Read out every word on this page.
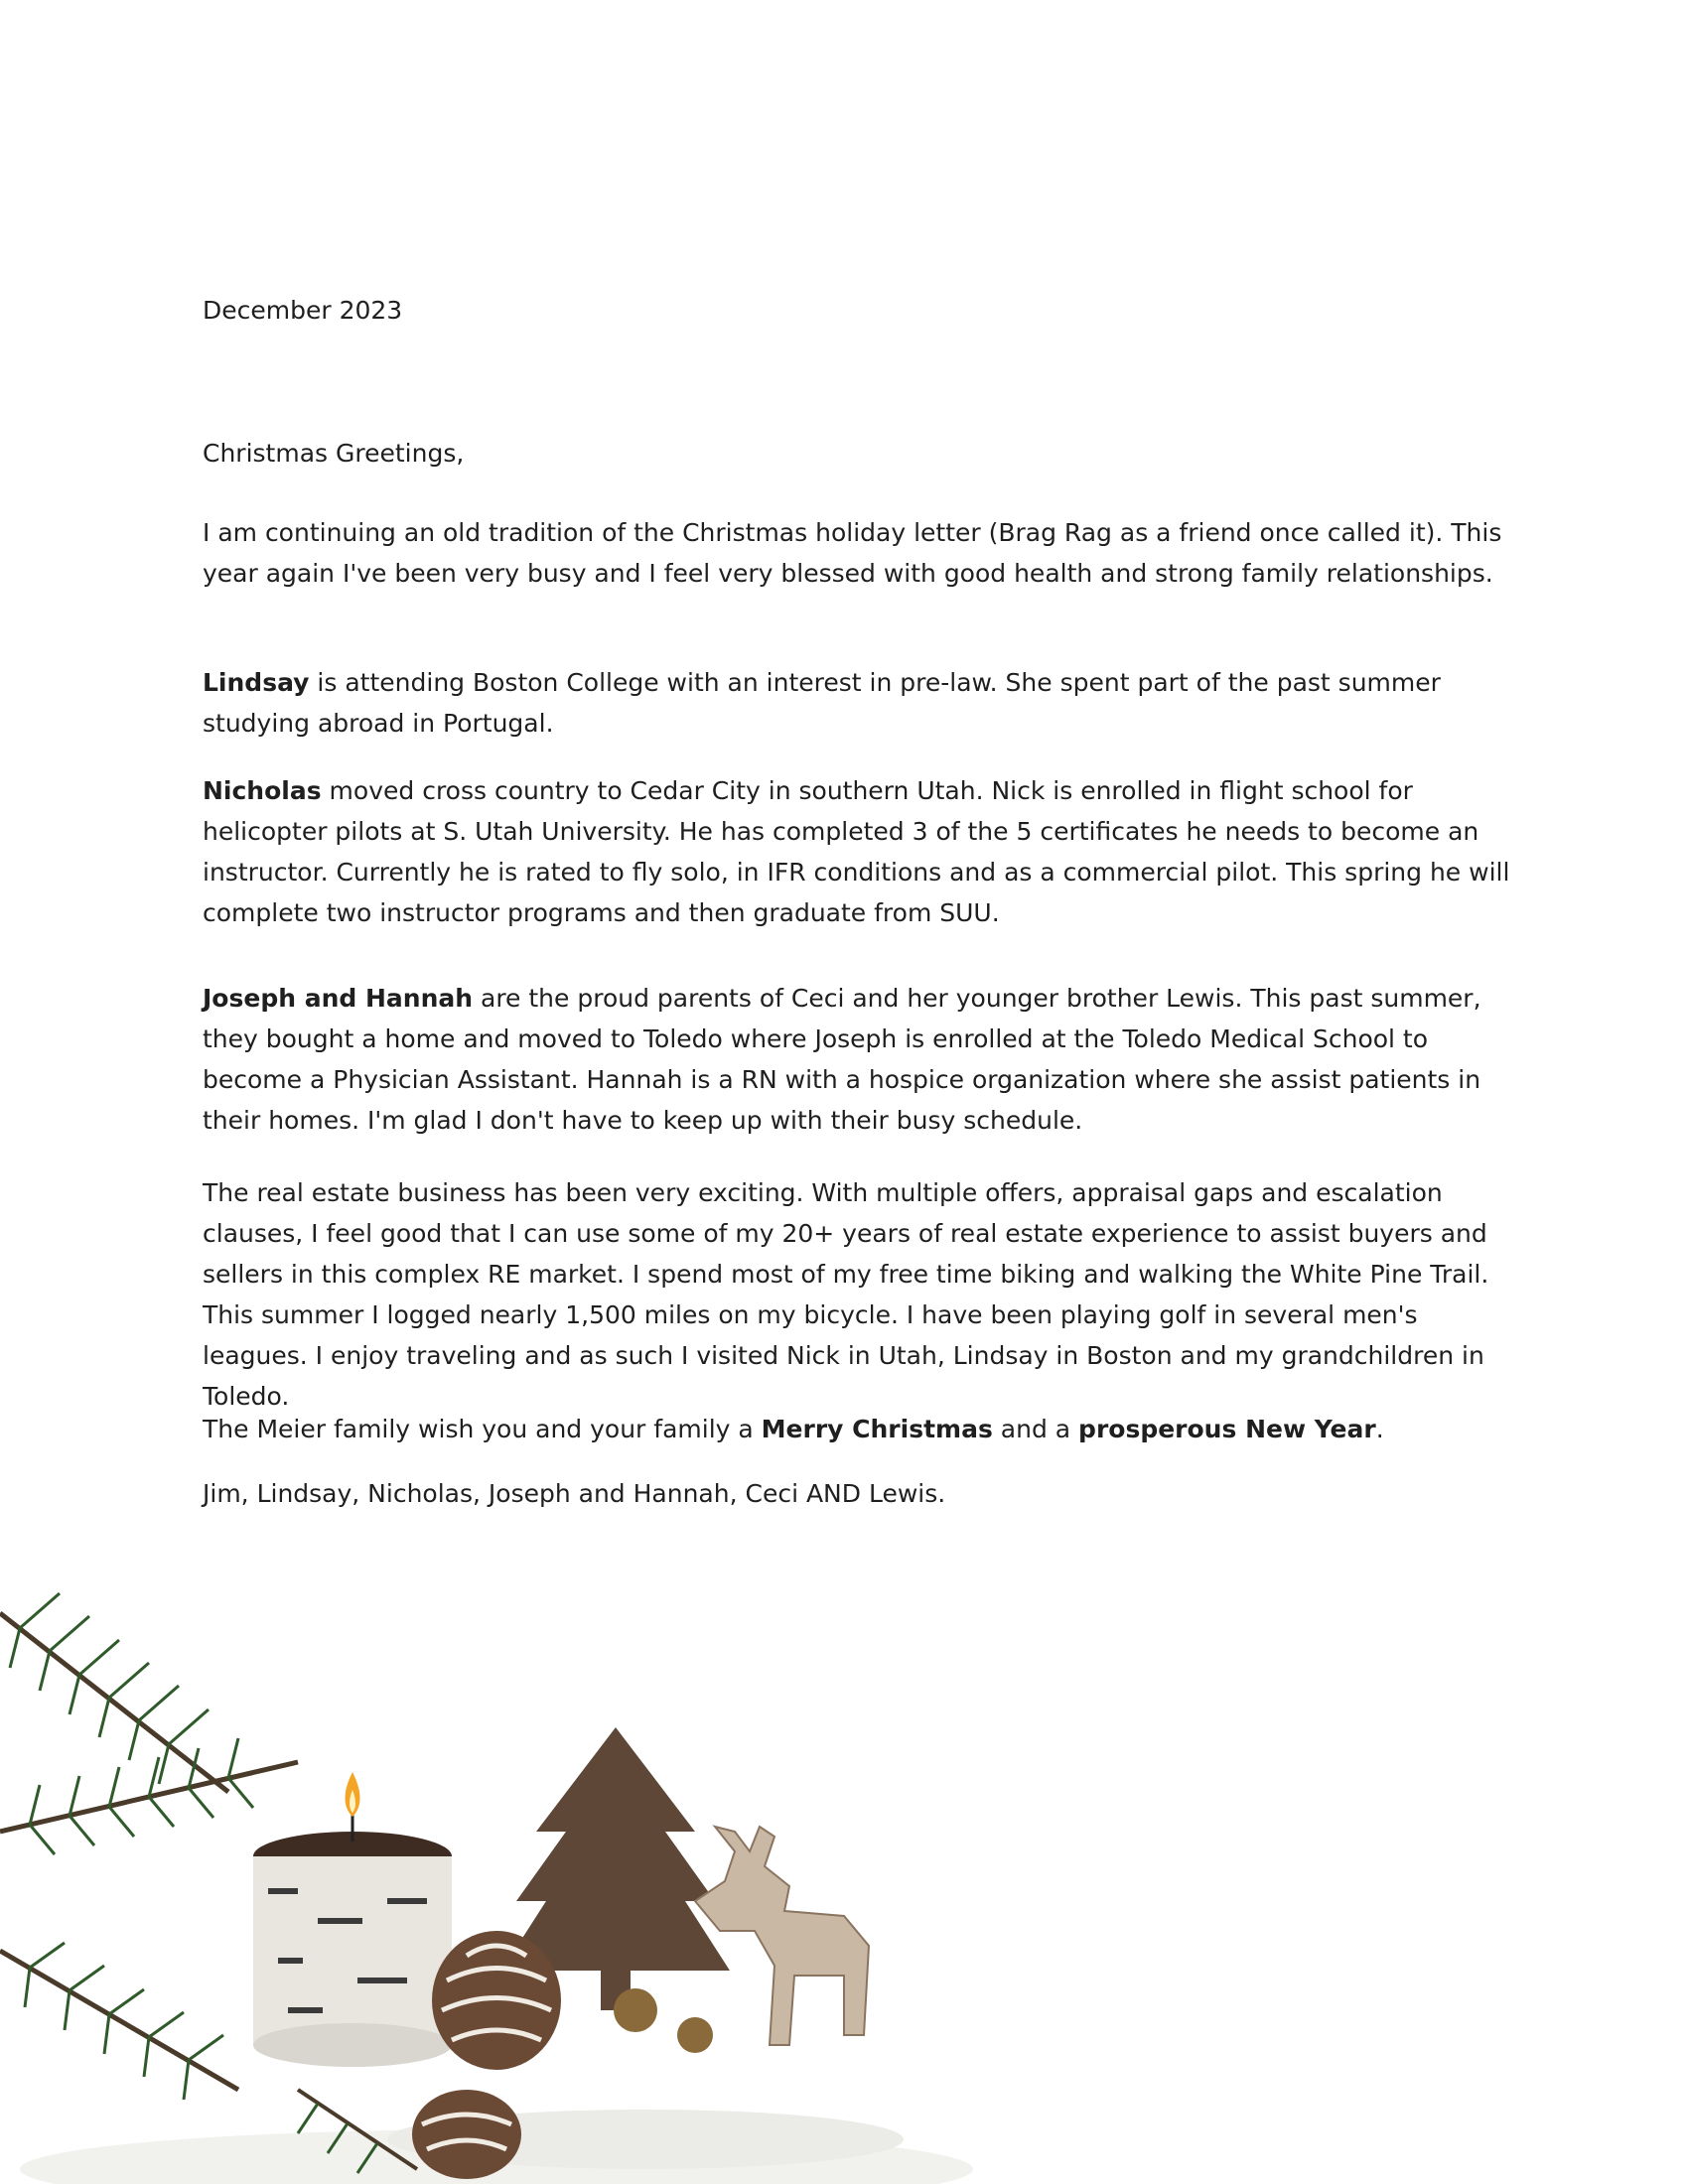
December 2023
Christmas Greetings,

I am continuing an old tradition of the Christmas holiday letter (Brag Rag as a friend once called it). This year again I've been very busy and I feel very blessed with good health and strong family relationships.

Lindsay is attending Boston College with an interest in pre-law. She spent part of the past summer studying abroad in Portugal.

Nicholas moved cross country to Cedar City in southern Utah. Nick is enrolled in flight school for helicopter pilots at S. Utah University. He has completed 3 of the 5 certificates he needs to become an instructor. Currently he is rated to fly solo, in IFR conditions and as a commercial pilot. This spring he will complete two instructor programs and then graduate from SUU.

Joseph and Hannah are the proud parents of Ceci and her younger brother Lewis. This past summer, they bought a home and moved to Toledo where Joseph is enrolled at the Toledo Medical School to become a Physician Assistant. Hannah is a RN with a hospice organization where she assist patients in their homes. I'm glad I don't have to keep up with their busy schedule.

The real estate business has been very exciting. With multiple offers, appraisal gaps and escalation clauses, I feel good that I can use some of my 20+ years of real estate experience to assist buyers and sellers in this complex RE market. I spend most of my free time biking and walking the White Pine Trail. This summer I logged nearly 1,500 miles on my bicycle. I have been playing golf in several men's leagues. I enjoy traveling and as such I visited Nick in Utah, Lindsay in Boston and my grandchildren in Toledo.

The Meier family wish you and your family a Merry Christmas and a prosperous New Year.

Jim, Lindsay, Nicholas, Joseph and Hannah, Ceci AND Lewis.
